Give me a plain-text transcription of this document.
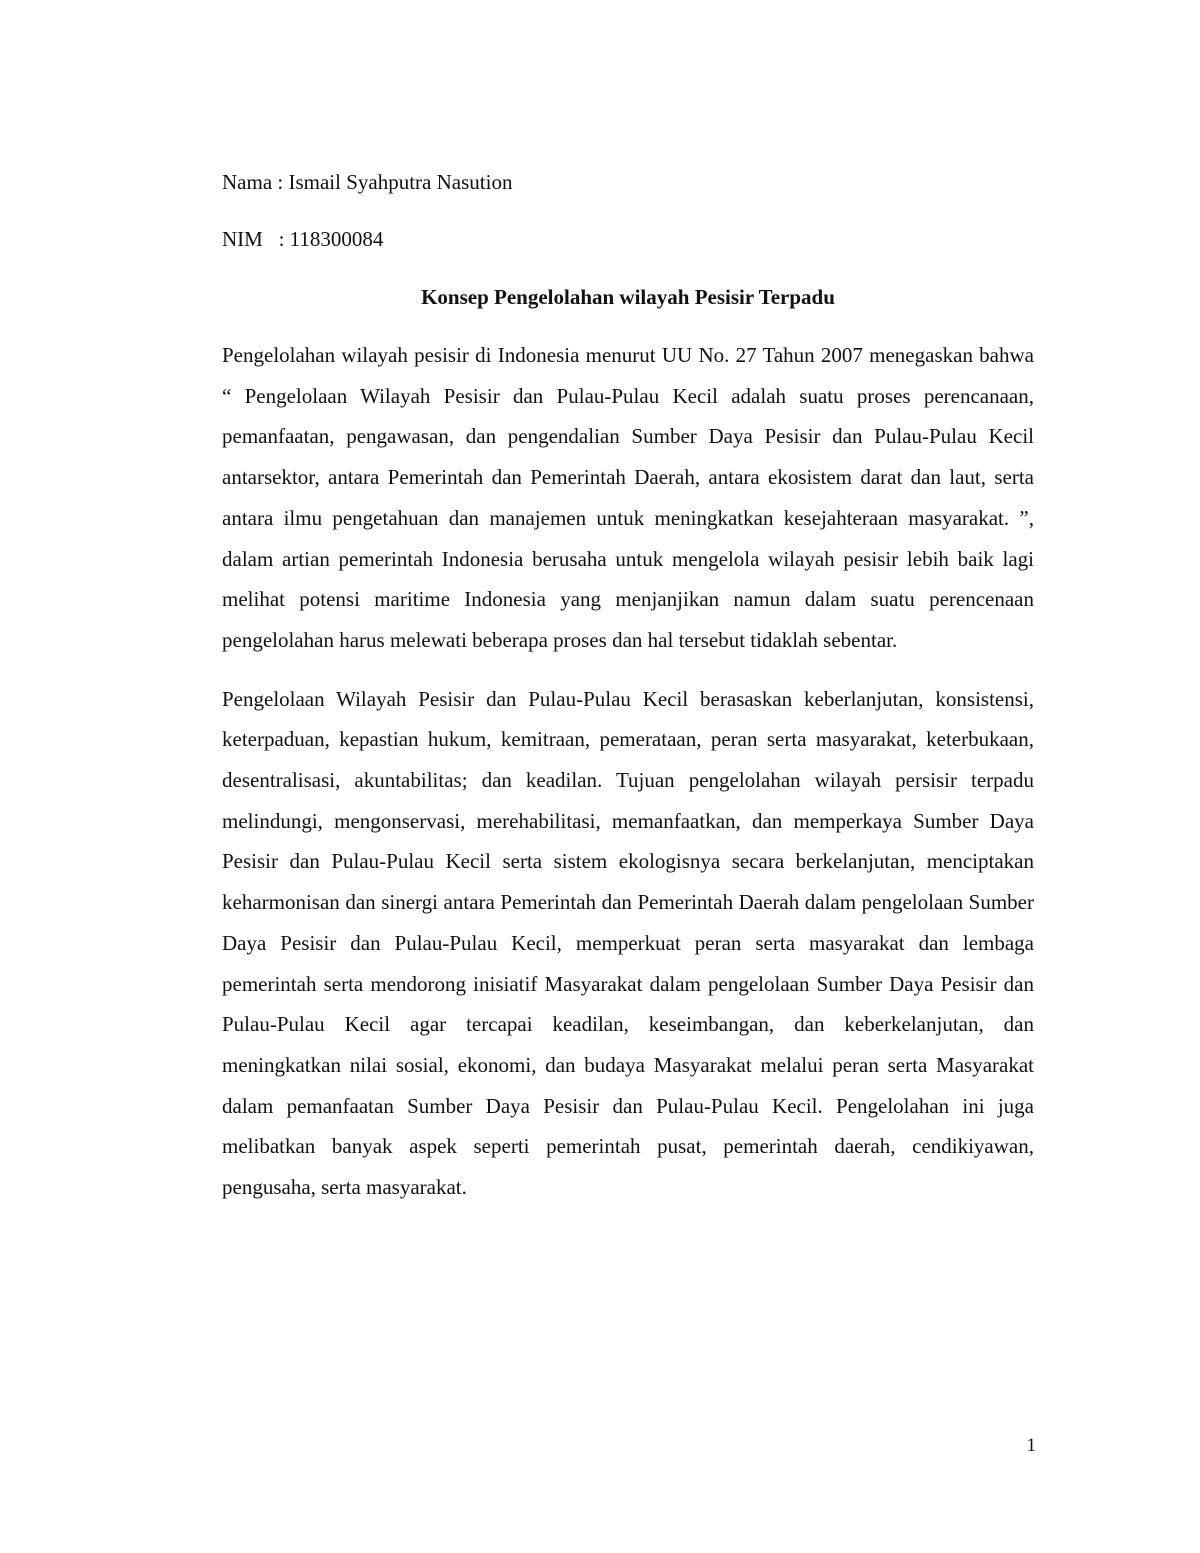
Nama : Ismail Syahputra Nasution

NIM   : 118300084

Konsep Pengelolahan wilayah Pesisir Terpadu

Pengelolahan wilayah pesisir di Indonesia menurut UU No. 27 Tahun 2007 menegaskan bahwa “ Pengelolaan Wilayah Pesisir dan Pulau-Pulau Kecil adalah suatu proses perencanaan, pemanfaatan, pengawasan, dan pengendalian Sumber Daya Pesisir dan Pulau-Pulau Kecil antarsektor, antara Pemerintah dan Pemerintah Daerah, antara ekosistem darat dan laut, serta antara ilmu pengetahuan dan manajemen untuk meningkatkan kesejahteraan masyarakat. ”, dalam artian pemerintah Indonesia berusaha untuk mengelola wilayah pesisir lebih baik lagi melihat potensi maritime Indonesia yang menjanjikan namun dalam suatu perencenaan pengelolahan harus melewati beberapa proses dan hal tersebut tidaklah sebentar.

Pengelolaan Wilayah Pesisir dan Pulau-Pulau Kecil berasaskan keberlanjutan, konsistensi, keterpaduan, kepastian hukum, kemitraan, pemerataan, peran serta masyarakat, keterbukaan, desentralisasi, akuntabilitas; dan keadilan. Tujuan pengelolahan wilayah persisir terpadu melindungi, mengonservasi, merehabilitasi, memanfaatkan, dan memperkaya Sumber Daya Pesisir dan Pulau-Pulau Kecil serta sistem ekologisnya secara berkelanjutan, menciptakan keharmonisan dan sinergi antara Pemerintah dan Pemerintah Daerah dalam pengelolaan Sumber Daya Pesisir dan Pulau-Pulau Kecil, memperkuat peran serta masyarakat dan lembaga pemerintah serta mendorong inisiatif Masyarakat dalam pengelolaan Sumber Daya Pesisir dan Pulau-Pulau Kecil agar tercapai keadilan, keseimbangan, dan keberkelanjutan, dan meningkatkan nilai sosial, ekonomi, dan budaya Masyarakat melalui peran serta Masyarakat dalam pemanfaatan Sumber Daya Pesisir dan Pulau-Pulau Kecil. Pengelolahan ini juga melibatkan banyak aspek seperti pemerintah pusat, pemerintah daerah, cendikiyawan, pengusaha, serta masyarakat.

1
